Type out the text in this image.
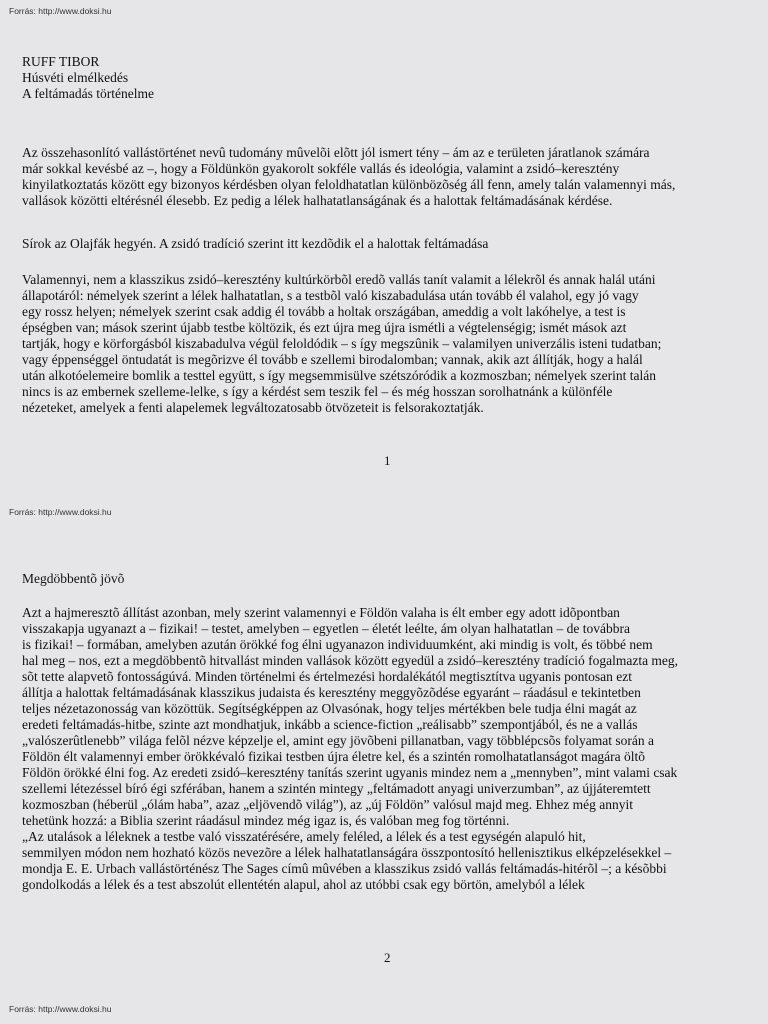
Forrás: http://www.doksi.hu
Forrás: http://www.doksi.hu
Forrás: http://www.doksi.hu
RUFF TIBOR
Húsvéti elmélkedés
A feltámadás történelme

Az összehasonlító vallástörténet nevû tudomány mûvelõi elõtt jól ismert tény – ám az e területen járatlanok számára
már sokkal kevésbé az –, hogy a Földünkön gyakorolt sokféle vallás és ideológia, valamint a zsidó–keresztény
kinyilatkoztatás között egy bizonyos kérdésben olyan feloldhatatlan különbözõség áll fenn, amely talán valamennyi más,
vallások közötti eltérésnél élesebb. Ez pedig a lélek halhatatlanságának és a halottak feltámadásának kérdése.

Sírok az Olajfák hegyén. A zsidó tradíció szerint itt kezdõdik el a halottak feltámadása

Valamennyi, nem a klasszikus zsidó–keresztény kultúrkörbõl eredõ vallás tanít valamit a lélekrõl és annak halál utáni
állapotáról: némelyek szerint a lélek halhatatlan, s a testbõl való kiszabadulása után tovább él valahol, egy jó vagy
egy rossz helyen; némelyek szerint csak addig él tovább a holtak országában, ameddig a volt lakóhelye, a test is
épségben van; mások szerint újabb testbe költözik, és ezt újra meg újra ismétli a végtelenségig; ismét mások azt
tartják, hogy e körforgásból kiszabadulva végül feloldódik – s így megszûnik – valamilyen univerzális isteni tudatban;
vagy éppenséggel öntudatát is megõrizve él tovább e szellemi birodalomban; vannak, akik azt állítják, hogy a halál
után alkotóelemeire bomlik a testtel együtt, s így megsemmisülve szétszóródik a kozmoszban; némelyek szerint talán
nincs is az embernek szelleme-lelke, s így a kérdést sem teszik fel – és még hosszan sorolhatnánk a különféle
nézeteket, amelyek a fenti alapelemek legváltozatosabb ötvözeteit is felsorakoztatják.

1
Megdöbbentõ jövõ

Azt a hajmeresztõ állítást azonban, mely szerint valamennyi e Földön valaha is élt ember egy adott idõpontban
visszakapja ugyanazt a – fizikai! – testet, amelyben – egyetlen – életét leélte, ám olyan halhatatlan – de továbbra
is fizikai! – formában, amelyben azután örökké fog élni ugyanazon individuumként, aki mindig is volt, és többé nem
hal meg – nos, ezt a megdöbbentõ hitvallást minden vallások között egyedül a zsidó–keresztény tradíció fogalmazta meg,
sõt tette alapvetõ fontosságúvá. Minden történelmi és értelmezési hordalékától megtisztítva ugyanis pontosan ezt
állítja a halottak feltámadásának klasszikus judaista és keresztény meggyõzõdése egyaránt – ráadásul e tekintetben
teljes nézetazonosság van közöttük. Segítségképpen az Olvasónak, hogy teljes mértékben bele tudja élni magát az
eredeti feltámadás-hitbe, szinte azt mondhatjuk, inkább a science-fiction „reálisabb” szempontjából, és ne a vallás
„valószerûtlenebb” világa felõl nézve képzelje el, amint egy jövõbeni pillanatban, vagy többlépcsõs folyamat során a
Földön élt valamennyi ember örökkévaló fizikai testben újra életre kel, és a szintén romolhatatlanságot magára öltõ
Földön örökké élni fog. Az eredeti zsidó–keresztény tanítás szerint ugyanis mindez nem a „mennyben”, mint valami csak
szellemi létezéssel bíró égi szférában, hanem a szintén mintegy „feltámadott anyagi univerzumban”, az újjáteremtett
kozmoszban (héberül „ólám haba”, azaz „eljövendõ világ”), az „új Földön” valósul majd meg. Ehhez még annyit
tehetünk hozzá: a Biblia szerint ráadásul mindez még igaz is, és valóban meg fog történni.
„Az utalások a léleknek a testbe való visszatérésére, amely feléled, a lélek és a test egységén alapuló hit,
semmilyen módon nem hozható közös nevezõre a lélek halhatatlanságára összpontosító hellenisztikus elképzelésekkel –
mondja E. E. Urbach vallástörténész The Sages címû mûvében a klasszikus zsidó vallás feltámadás-hitérõl –; a késõbbi
gondolkodás a lélek és a test abszolút ellentétén alapul, ahol az utóbbi csak egy börtön, amelyból a lélek

2
